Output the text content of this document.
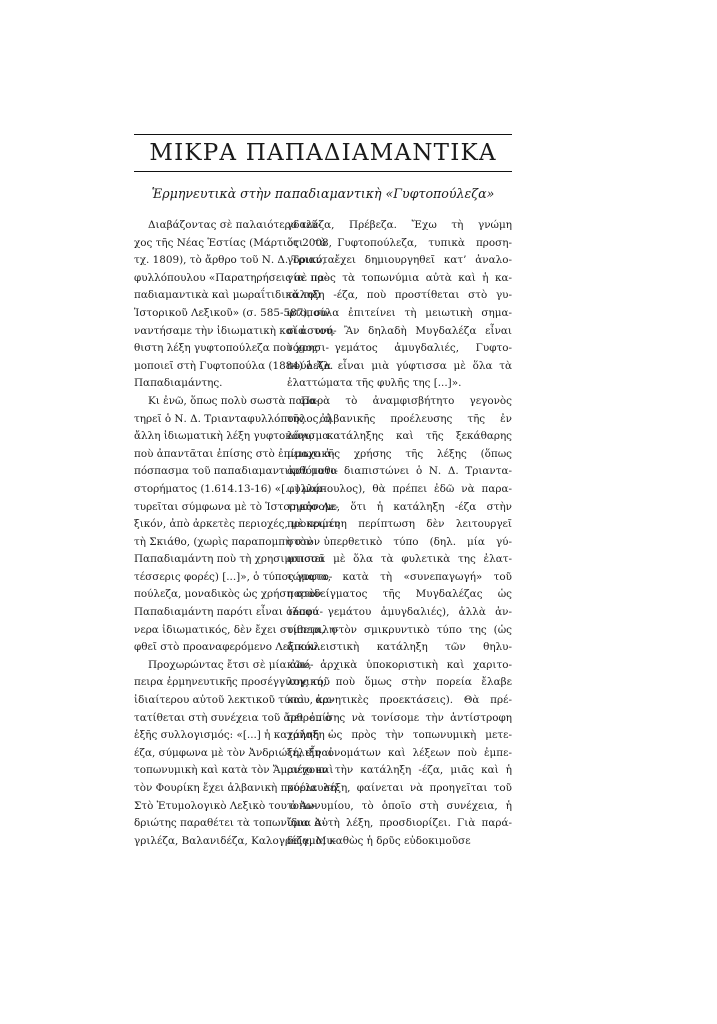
ΜΙΚΡΑ ΠΑΠΑΔΙΑΜΑΝΤΙΚΑ
Ἑρμηνευτικὰ στὴν παπαδιαμαντικὴ «Γυφτοπούλεζα»
Διαβάζοντας σὲ παλαιότερο τεῦ-
χος τῆς Νέας Ἑστίας (Μάρτιος 2008,
τχ. 1809), τὸ ἄρθρο τοῦ Ν. Δ. Τριαντα-
φυλλόπουλου «Παρατηρήσεις σὲ πα-
παδιαμαντικὰ καὶ μωραΐτιδικὰ τοῦ
Ἱστορικοῦ Λεξικοῦ» (σ. 585-587), συ-
ναντήσαμε τὴν ἰδιωματικὴ καὶ ἀσυνή-
θιστη λέξη γυφτοπούλεζα ποὺ χρησι-
μοποιεῖ στὴ Γυφτοπούλα (1884) ὁ Ἀλ.
Παπαδιαμάντης.
Κι ἐνῶ, ὅπως πολὺ σωστὰ παρα-
τηρεῖ ὁ Ν. Δ. Τριανταφυλλόπουλος, ἡ
ἄλλη ἰδιωματικὴ λέξη γυφτοκόνισμα
ποὺ ἀπαντᾶται ἐπίσης στὸ ἐπίμαχο ἀ-
πόσπασμα τοῦ παπαδιαμαντικοῦ μυθι-
στορήματος (1.614.13-16) «[...] μαρ-
τυρεῖται σύμφωνα μὲ τὸ Ἱστορικὸν Λε-
ξικόν, ἀπὸ ἀρκετὲς περιοχές, μὲ πρώτη
τὴ Σκιάθο, (χωρὶς παραπομπὴ στὸν
Παπαδιαμάντη ποὺ τὴ χρησιμοποιεῖ
τέσσερις φορές) [...]», ὁ τύπος γυφτο-
πούλεζα, μοναδικὸς ὡς χρήση στὸν
Παπαδιαμάντη παρότι εἶναι ὁλοφά-
νερα ἰδιωματικός, δὲν ἔχει συμπεριλη-
φθεῖ στὸ προαναφερόμενο Λεξικόν.
Προχωρώντας ἔτσι σὲ μία ἀπό-
πειρα ἑρμηνευτικῆς προσέγγισης τοῦ
ἰδιαίτερου αὐτοῦ λεκτικοῦ τύπου, κα-
τατίθεται στὴ συνέχεια τοῦ ἄρθρου ὁ
ἑξῆς συλλογισμός: «[...] ἡ κατάληξη -
έζα, σύμφωνα μὲ τὸν Ἀνδριώτη, εἶναι
τοπωνυμικὴ καὶ κατὰ τὸν Ἄμαντο καὶ
τὸν Φουρίκη ἔχει ἀλβανικὴ προέλευση.
Στὸ Ἐτυμολογικὸ Λεξικὸ του ὁ Ἀν-
δριώτης παραθέτει τὰ τοπωνύμια Ἀ-
γριλέζα, Βαλανιδέζα, Καλογρέζα, Μυ-
γδαλέζα, Πρέβεζα. Ἔχω τὴ γνώμη
ὅτι τὸ Γυφτοπούλεζα, τυπικὰ προση-
γορικό, ἔχει δημιουργηθεῖ κατ’ ἀναλο-
γία πρὸς τὰ τοπωνύμια αὐτὰ καὶ ἡ κα-
τάληξη -έζα, ποὺ προστίθεται στὸ γυ-
φτοπούλα ἐπιτείνει τὴ μειωτικὴ σημα-
σία του. Ἂν δηλαδὴ Μυγδαλέζα εἶναι
τόπος γεμάτος ἀμυγδαλιές, Γυφτο-
πούλεζα εἶναι μιὰ γύφτισσα μὲ ὅλα τὰ
ἐλαττώματα τῆς φυλῆς της [...]».
Παρὰ τὸ ἀναμφισβήτητο γεγονὸς
τῆς ἀλβανικῆς προέλευσης τῆς ἐν
λόγῳ κατάληξης καὶ τῆς ξεκάθαρης
μειωτικῆς χρήσης τῆς λέξης (ὅπως
ὀρθότατα διαπιστώνει ὁ Ν. Δ. Τριαντα-
φυλλόπουλος), θὰ πρέπει ἐδῶ νὰ παρα-
τηρήσομε, ὅτι ἡ κατάληξη -έζα στὴν
προκειμένη περίπτωση δὲν λειτουργεῖ
στὸν ὑπερθετικὸ τύπο (δηλ. μία γύ-
φτισσα μὲ ὅλα τὰ φυλετικὰ της ἐλατ-
τώματα, κατὰ τὴ «συνεπαγωγή» τοῦ
παραδείγματος τῆς Μυγδαλέζας ὡς
τόπου γεμάτου ἀμυγδαλιές), ἀλλὰ ἀν-
τίθετα, στὸν σμικρυντικὸ τύπο της (ὡς
ἀποκλειστικὴ κατάληξη τῶν θηλυ-
κῶν, ἀρχικὰ ὑποκοριστικὴ καὶ χαριτο-
λογική, ποὺ ὅμως στὴν πορεία ἔλαβε
καὶ ἀρνητικὲς προεκτάσεις). Θὰ πρέ-
πει ἐπίσης νὰ τονίσομε τὴν ἀντίστροφη
χρήση ὡς πρὸς τὴν τοπωνυμικὴ μετε-
ξέλιξη ὀνομάτων καὶ λέξεων ποὺ ἐμπε-
ριέχουν τὴν κατάληξη -έζα, μιᾶς καὶ ἡ
κύρια λέξη, φαίνεται νὰ προηγεῖται τοῦ
τοπωνυμίου, τὸ ὁποῖο στὴ συνέχεια, ἡ
ἴδια αὐτὴ λέξη, προσδιορίζει. Γιὰ παρά-
δειγμα, καθὼς ἡ δρῦς εὐδοκιμοῦσε
